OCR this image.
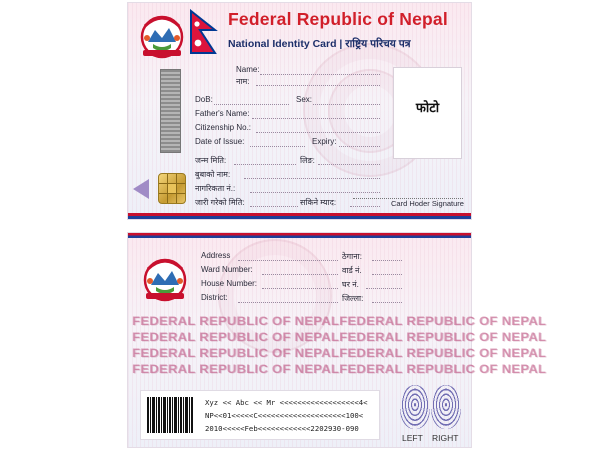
Federal Republic of Nepal
National Identity Card | राष्ट्रिय परिचय पत्र
Name:
नाम:
DoB:	Sex:
Father's Name:
Citizenship No.:
Date of Issue:	Expiry:
जन्म मिति:	लिङ:
बुबाको नाम:
नागरिकता नं.:
जारी गरेको मिति:	सकिने म्याद:
फोटो
Card Hoder Signature
Address	ठेगाना:
Ward Number:	वार्ड नं.
House Number:	घर नं.
District:	जिल्ला:
FEDERAL REPUBLIC OF NEPALFEDERAL REPUBLIC OF NEPAL
FEDERAL REPUBLIC OF NEPALFEDERAL REPUBLIC OF NEPAL
FEDERAL REPUBLIC OF NEPALFEDERAL REPUBLIC OF NEPAL
FEDERAL REPUBLIC OF NEPALFEDERAL REPUBLIC OF NEPAL
Xyz << Abc << Mr <<<<<<<<<<<<<<<<<<4<
NP<<01<<<<<C<<<<<<<<<<<<<<<<<<<<100<
2010<<<<<Feb<<<<<<<<<<<<2202930-090
LEFT RIGHT
